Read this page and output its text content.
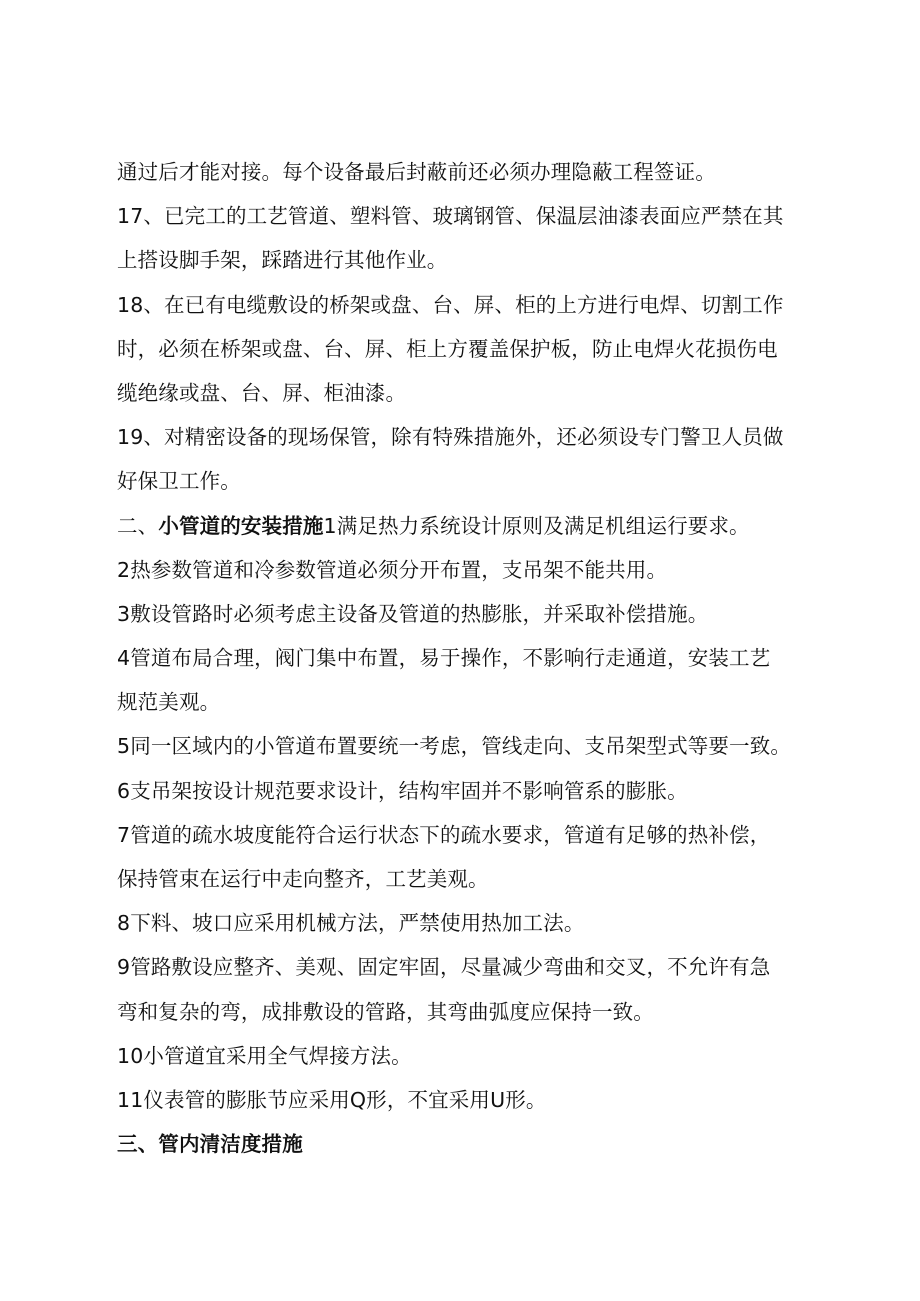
通过后才能对接。每个设备最后封蔽前还必须办理隐蔽工程签证。
17、已完工的工艺管道、塑料管、玻璃钢管、保温层油漆表面应严禁在其
上搭设脚手架，踩踏进行其他作业。
18、在已有电缆敷设的桥架或盘、台、屏、柜的上方进行电焊、切割工作
时，必须在桥架或盘、台、屏、柜上方覆盖保护板，防止电焊火花损伤电
缆绝缘或盘、台、屏、柜油漆。
19、对精密设备的现场保管，除有特殊措施外，还必须设专门警卫人员做
好保卫工作。
二、小管道的安装措施1满足热力系统设计原则及满足机组运行要求。
2热参数管道和冷参数管道必须分开布置，支吊架不能共用。
3敷设管路时必须考虑主设备及管道的热膨胀，并采取补偿措施。
4管道布局合理，阀门集中布置，易于操作，不影响行走通道，安装工艺
规范美观。
5同一区域内的小管道布置要统一考虑，管线走向、支吊架型式等要一致。
6支吊架按设计规范要求设计，结构牢固并不影响管系的膨胀。
7管道的疏水坡度能符合运行状态下的疏水要求，管道有足够的热补偿，
保持管束在运行中走向整齐，工艺美观。
8下料、坡口应采用机械方法，严禁使用热加工法。
9管路敷设应整齐、美观、固定牢固，尽量减少弯曲和交叉，不允许有急
弯和复杂的弯，成排敷设的管路，其弯曲弧度应保持一致。
10小管道宜采用全气焊接方法。
11仪表管的膨胀节应采用Q形，不宜采用U形。
三、管内清洁度措施
